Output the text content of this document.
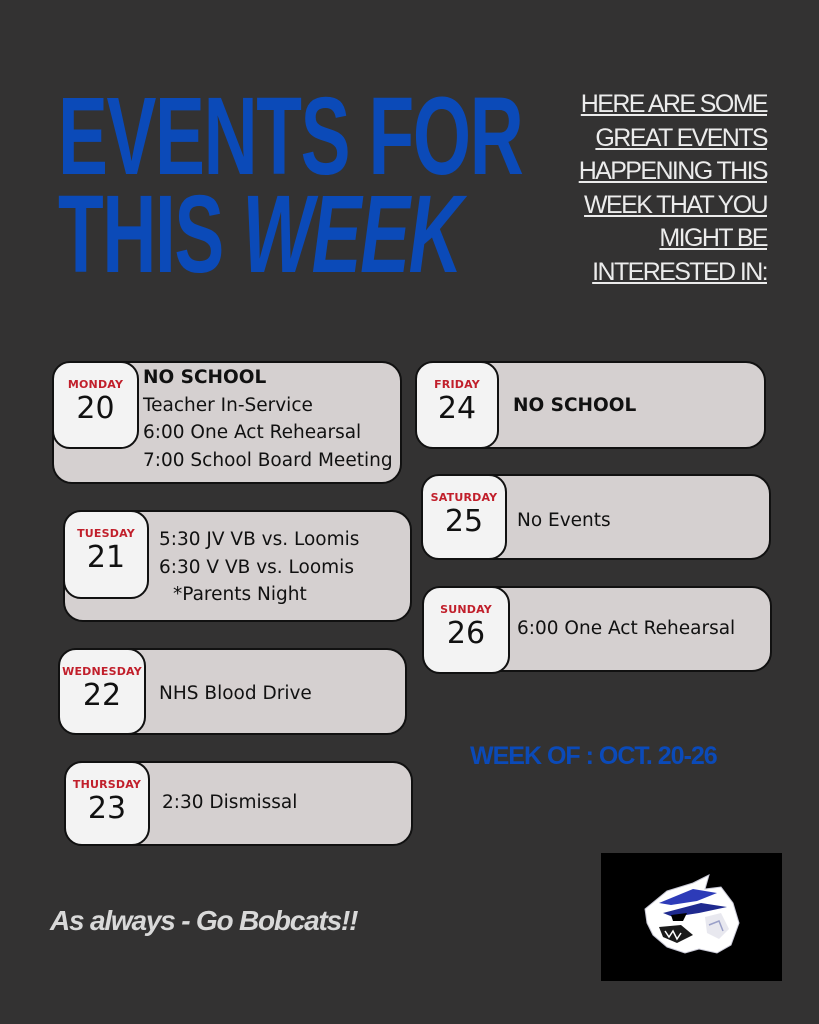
EVENTS FOR
THIS WEEK
HERE ARE SOME
GREAT EVENTS
HAPPENING THIS
WEEK THAT YOU
MIGHT BE
INTERESTED IN:
MONDAY
20
NO SCHOOL
Teacher In-Service
6:00 One Act Rehearsal
7:00 School Board Meeting
TUESDAY
21
5:30 JV VB vs. Loomis
6:30 V VB vs. Loomis
*Parents Night
WEDNESDAY
22	NHS Blood Drive
THURSDAY
23	2:30 Dismissal
FRIDAY
24	NO SCHOOL
SATURDAY
25	No Events
SUNDAY
26	6:00 One Act Rehearsal
WEEK OF : OCT. 20-26
As always - Go Bobcats!!
